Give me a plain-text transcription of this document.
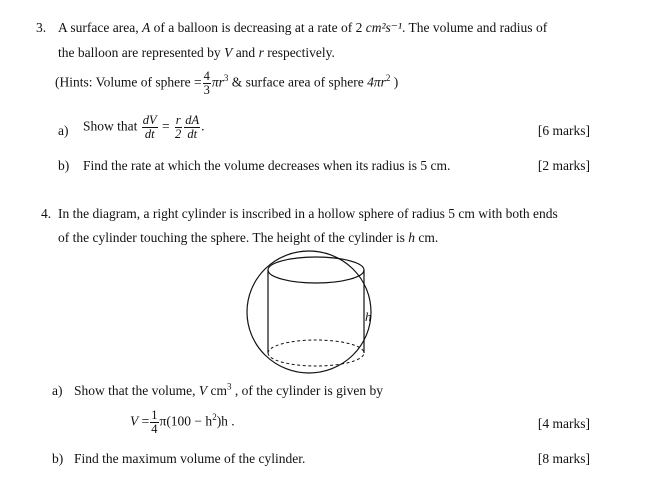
3. A surface area, A of a balloon is decreasing at a rate of 2 cm²s⁻¹. The volume and radius of
the balloon are represented by V and r respectively.
(Hints: Volume of sphere = $\frac{4}{3} \pi r^3$ & surface area of sphere $4\pi r^2$ )
a) Show that $\frac{dV}{dt} = \frac{r}{2} \frac{dA}{dt}$ .	[6 marks]
b) Find the rate at which the volume decreases when its radius is 5 cm.	[2 marks]
4. In the diagram, a right cylinder is inscribed in a hollow sphere of radius 5 cm with both ends
of the cylinder touching the sphere. The height of the cylinder is h cm.
h
a) Show that the volume, V $cm^3$ , of the cylinder is given by
$V = \frac{1}{4} \pi(100 - h^2)h$ .	[4 marks]
b) Find the maximum volume of the cylinder.	[8 marks]
